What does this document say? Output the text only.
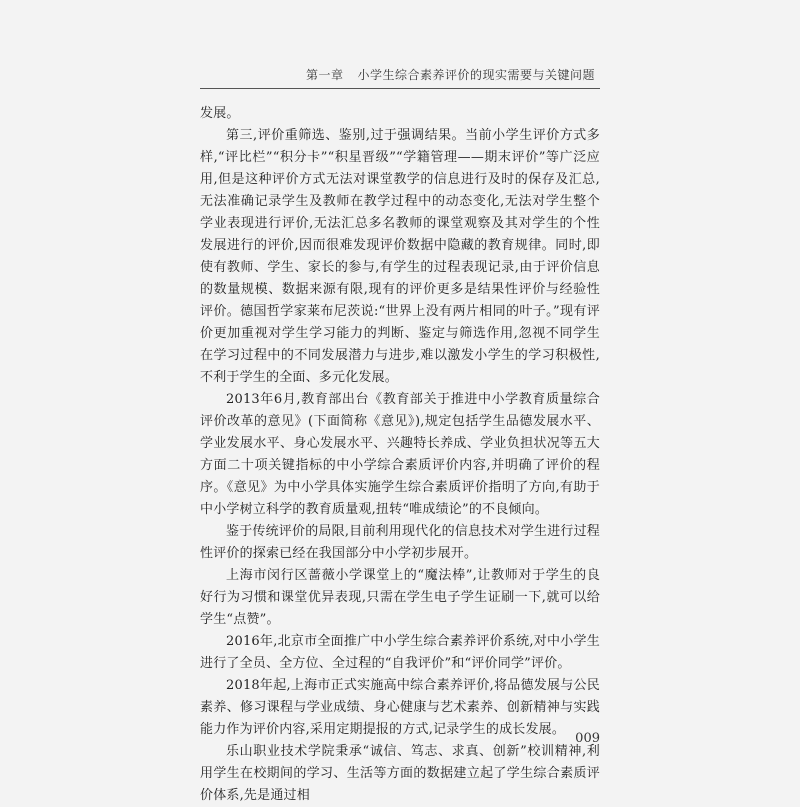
第一章 小学生综合素养评价的现实需要与关键问题

发展。

第三,评价重筛选、鉴别,过于强调结果。当前小学生评价方式多样,“评比栏”“积分卡”“积星晋级”“学籍管理——期末评价”等广泛应用,但是这种评价方式无法对课堂教学的信息进行及时的保存及汇总,无法准确记录学生及教师在教学过程中的动态变化,无法对学生整个学业表现进行评价,无法汇总多名教师的课堂观察及其对学生的个性发展进行的评价,因而很难发现评价数据中隐藏的教育规律。同时,即使有教师、学生、家长的参与,有学生的过程表现记录,由于评价信息的数量规模、数据来源有限,现有的评价更多是结果性评价与经验性评价。德国哲学家莱布尼茨说:“世界上没有两片相同的叶子。”现有评价更加重视对学生学习能力的判断、鉴定与筛选作用,忽视不同学生在学习过程中的不同发展潜力与进步,难以激发小学生的学习积极性,不利于学生的全面、多元化发展。

2013年6月,教育部出台《教育部关于推进中小学教育质量综合评价改革的意见》(下面简称《意见》),规定包括学生品德发展水平、学业发展水平、身心发展水平、兴趣特长养成、学业负担状况等五大方面二十项关键指标的中小学综合素质评价内容,并明确了评价的程序。《意见》为中小学具体实施学生综合素质评价指明了方向,有助于中小学树立科学的教育质量观,扭转“唯成绩论”的不良倾向。

鉴于传统评价的局限,目前利用现代化的信息技术对学生进行过程性评价的探索已经在我国部分中小学初步展开。

上海市闵行区蔷薇小学课堂上的“魔法棒”,让教师对于学生的良好行为习惯和课堂优异表现,只需在学生电子学生证刷一下,就可以给学生“点赞”。

2016年,北京市全面推广中小学生综合素养评价系统,对中小学生进行了全员、全方位、全过程的“自我评价”和“评价同学”评价。

2018年起,上海市正式实施高中综合素养评价,将品德发展与公民素养、修习课程与学业成绩、身心健康与艺术素养、创新精神与实践能力作为评价内容,采用定期提报的方式,记录学生的成长发展。

乐山职业技术学院秉承“诚信、笃志、求真、创新”校训精神,利用学生在校期间的学习、生活等方面的数据建立起了学生综合素质评价体系,先是通过相

009
